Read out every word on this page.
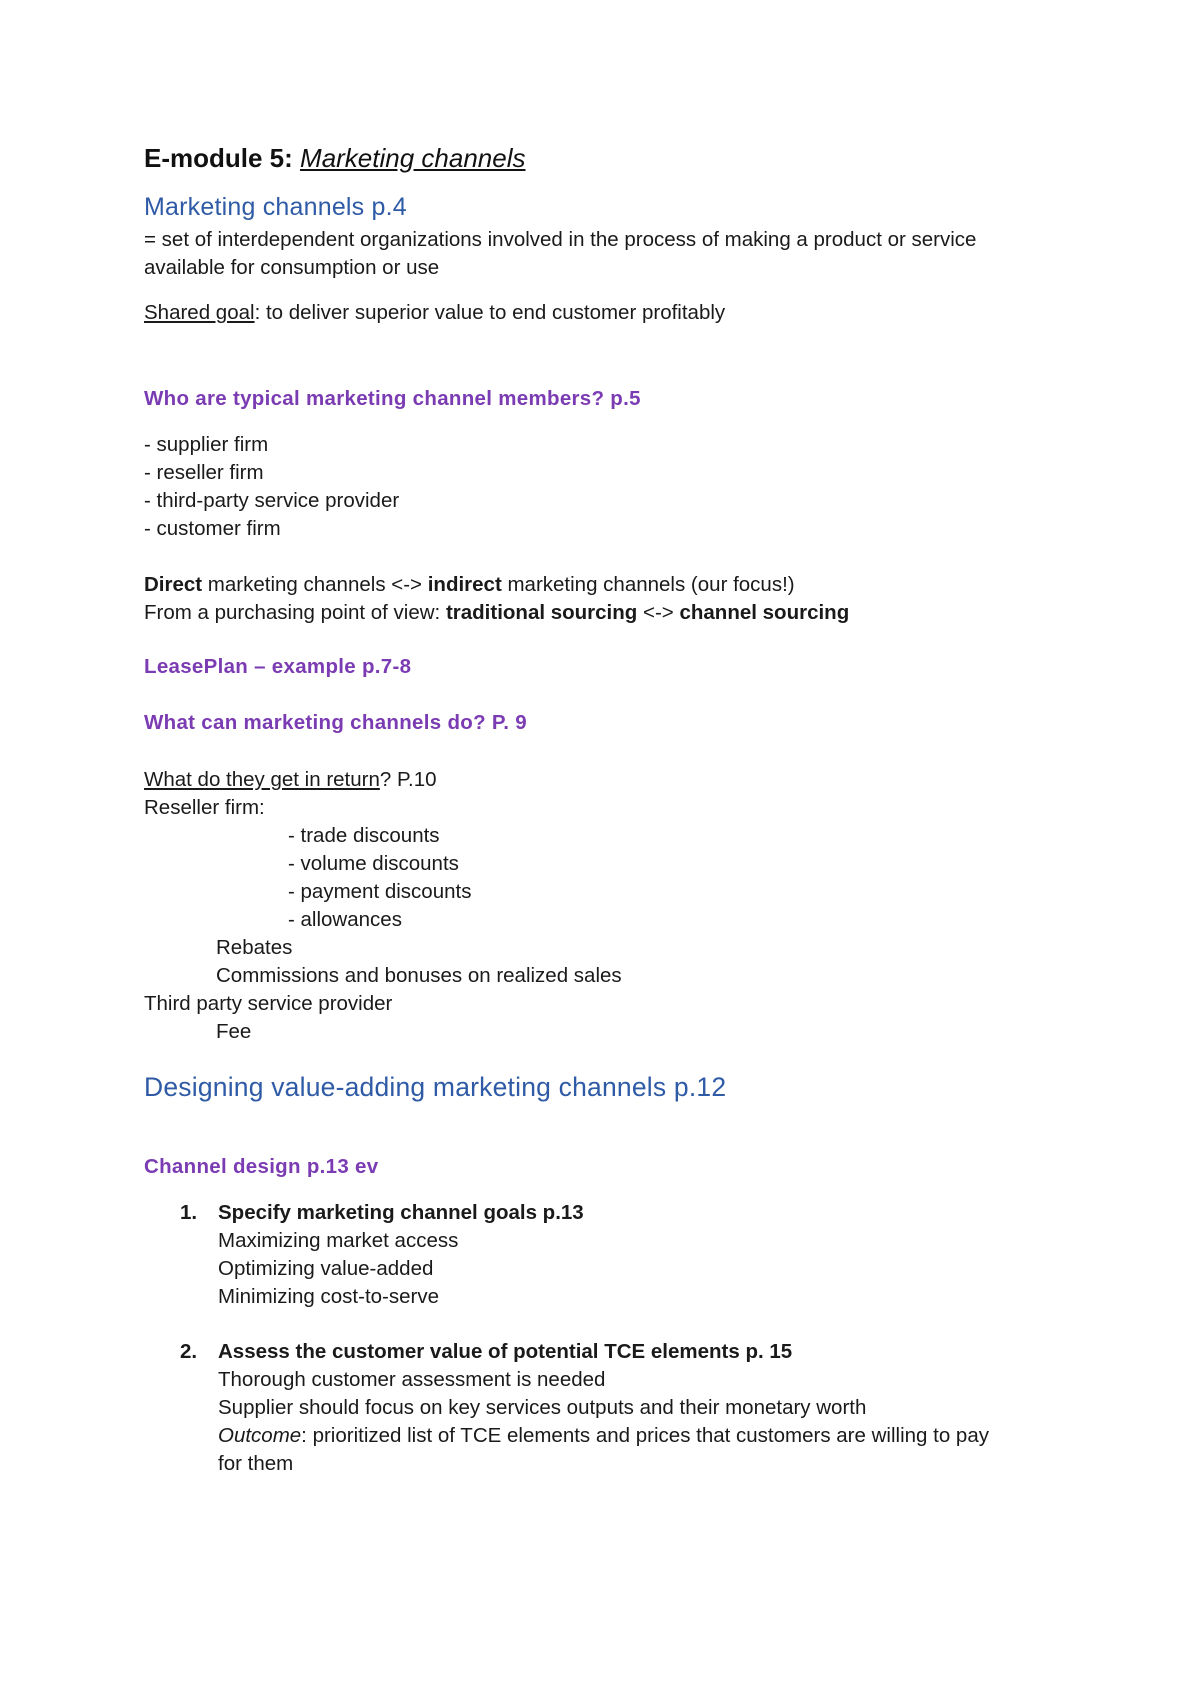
E-module 5: Marketing channels
Marketing channels p.4
= set of interdependent organizations involved in the process of making a product or service
available for consumption or use
Shared goal: to deliver superior value to end customer profitably
Who are typical marketing channel members? p.5
- supplier firm
- reseller firm
- third-party service provider
- customer firm
Direct marketing channels <-> indirect marketing channels (our focus!)
From a purchasing point of view: traditional sourcing <-> channel sourcing
LeasePlan – example p.7-8
What can marketing channels do? P. 9
What do they get in return? P.10
Reseller firm:
- trade discounts
- volume discounts
- payment discounts
- allowances
Rebates
Commissions and bonuses on realized sales
Third party service provider
Fee
Designing value-adding marketing channels p.12
Channel design p.13 ev
1. Specify marketing channel goals p.13
Maximizing market access
Optimizing value-added
Minimizing cost-to-serve
2. Assess the customer value of potential TCE elements p. 15
Thorough customer assessment is needed
Supplier should focus on key services outputs and their monetary worth
Outcome: prioritized list of TCE elements and prices that customers are willing to pay
for them
